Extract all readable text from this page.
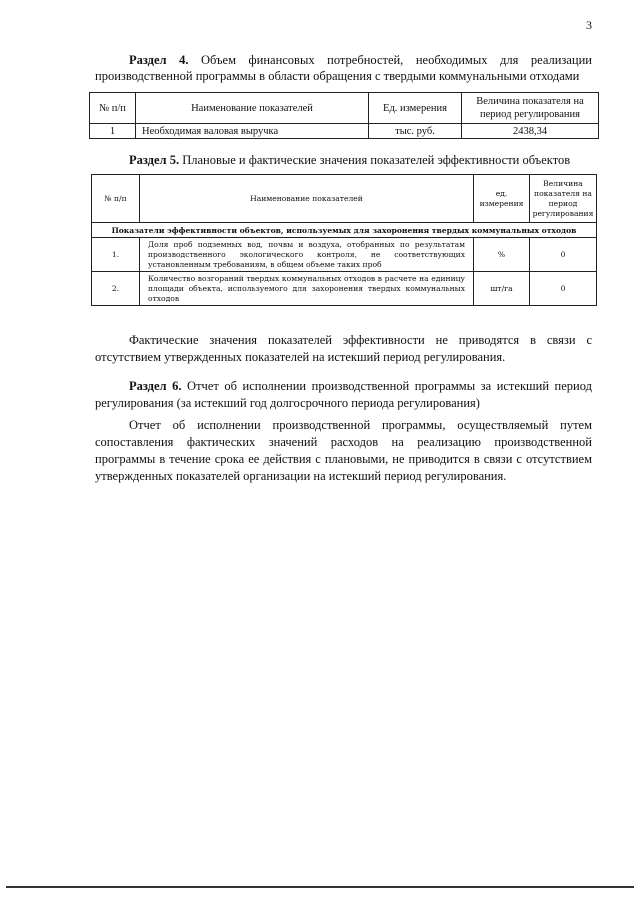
3

Раздел 4. Объем финансовых потребностей, необходимых для реализации производственной программы в области обращения с твердыми коммунальными отходами

№ п/п	Наименование показателей	Ед. измерения	Величина показателя на период регулирования
1	Необходимая валовая выручка	тыс. руб.	2438,34

Раздел 5. Плановые и фактические значения показателей эффективности объектов

№ п/п	Наименование показателей	ед. измерения	Величина показателя на период регулирования
Показатели эффективности объектов, используемых для захоронения твердых коммунальных отходов			
1.	Доля проб подземных вод, почвы и воздуха, отобранных по результатам производственного экологического контроля, не соответствующих установленным требованиям, в общем объеме таких проб	%	0
2.	Количество возгораний твердых коммунальных отходов в расчете на единицу площади объекта, используемого для захоронения твердых коммунальных отходов	шт/га	0

Фактические значения показателей эффективности не приводятся в связи с отсутствием утвержденных показателей на истекший период регулирования.

Раздел 6. Отчет об исполнении производственной программы за истекший период регулирования (за истекший год долгосрочного периода регулирования)

Отчет об исполнении производственной программы, осуществляемый путем сопоставления фактических значений расходов на реализацию производственной программы в течение срока ее действия с плановыми, не приводится в связи с отсутствием утвержденных показателей организации на истекший период регулирования.
